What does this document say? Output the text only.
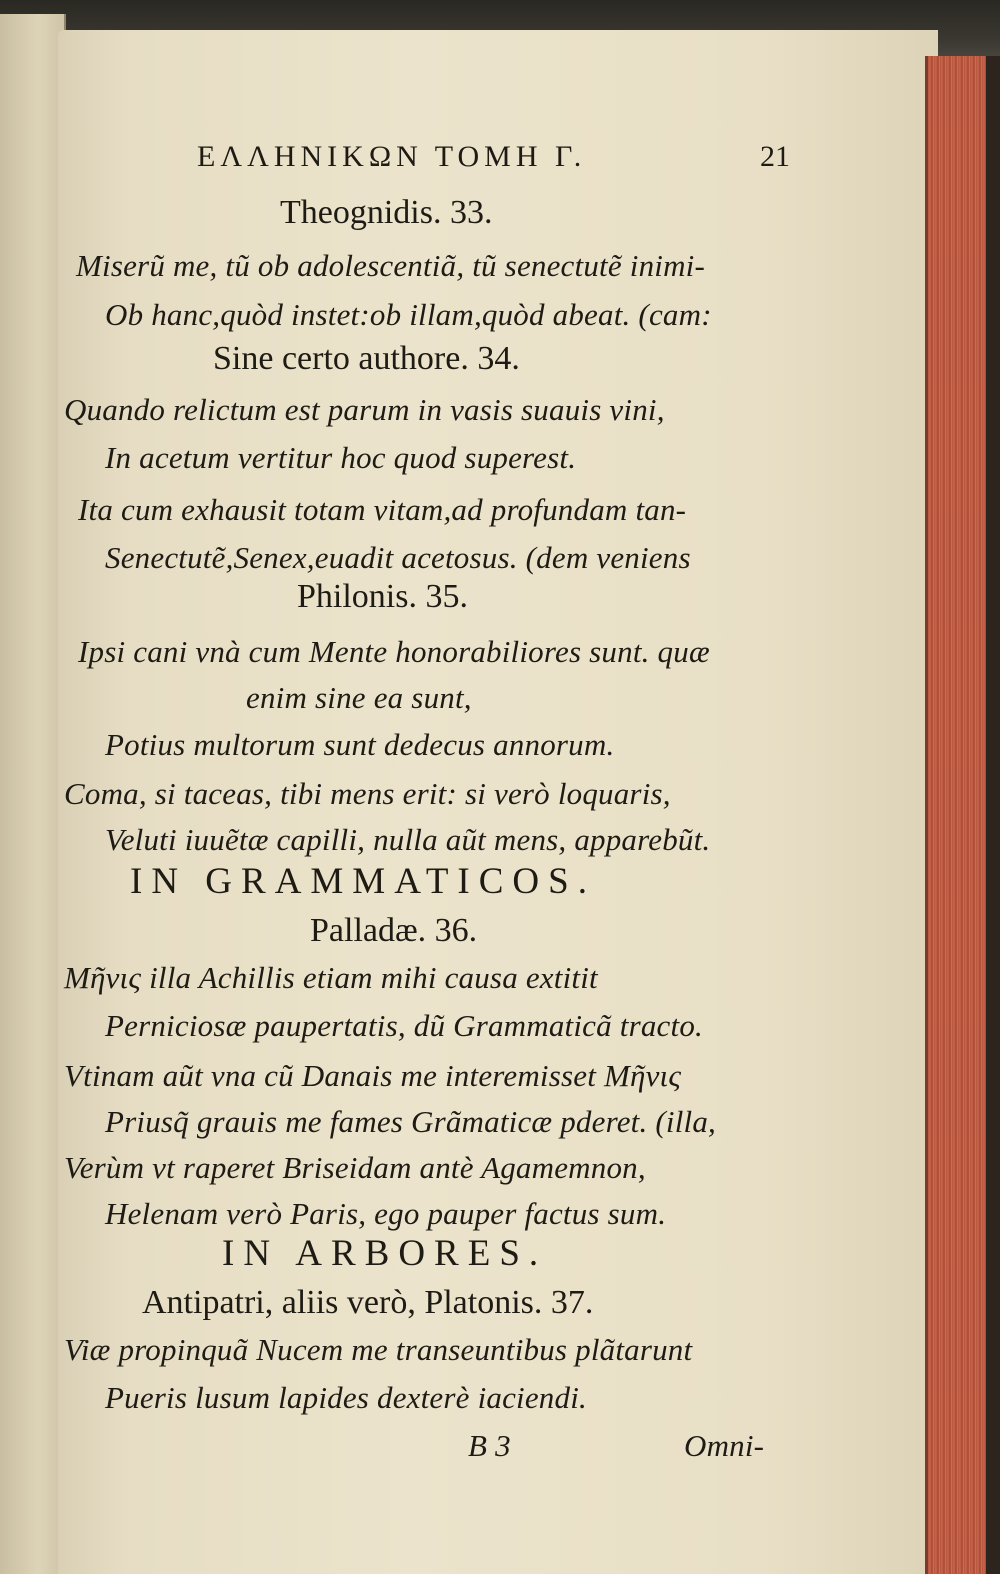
ΕΛΛΗΝΙΚΩΝ ΤΟΜΗ Γ.	21

Theognidis. 33.

Miserũ me, tũ ob adolescentiã, tũ senectutẽ inimi-

Ob hanc,quòd instet:ob illam,quòd abeat. (cam:

Sine certo authore. 34.

Quando relictum est parum in vasis suauis vini,

In acetum vertitur hoc quod superest.

Ita cum exhausit totam vitam,ad profundam tan-

Senectutẽ,Senex,euadit acetosus. (dem veniens

Philonis. 35.

Ipsi cani vnà cum Mente honorabiliores sunt. quæ

enim sine ea sunt,

Potius multorum sunt dedecus annorum.

Coma, si taceas, tibi mens erit: si verò loquaris,

Veluti iuuẽtæ capilli, nulla aũt mens, apparebũt.

IN GRAMMATICOS.

Palladæ. 36.

Μῆνις illa Achillis etiam mihi causa extitit

Perniciosæ paupertatis, dũ Grammaticã tracto.

Vtinam aũt vna cũ Danais me interemisset Μῆνις

Priusq̃ grauis me fames Grãmaticæ pderet. (illa,

Verùm vt raperet Briseidam antè Agamemnon,

Helenam verò Paris, ego pauper factus sum.

IN ARBORES.

Antipatri, aliis verò, Platonis. 37.

Viæ propinquã Nucem me transeuntibus plãtarunt

Pueris lusum lapides dexterè iaciendi.

B 3	Omni-
